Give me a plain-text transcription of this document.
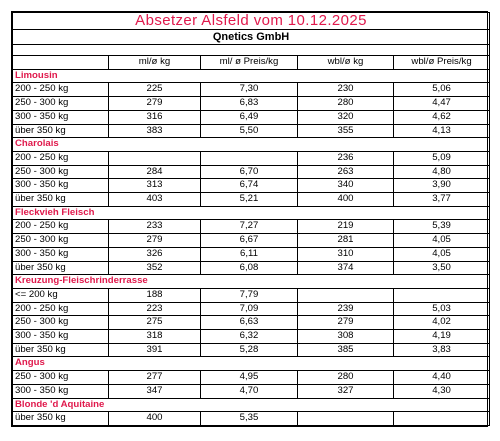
Absetzer Alsfeld vom 10.12.2025				
Qnetics GmbH				

	ml/ø kg	ml/ ø Preis/kg	wbl/ø kg	wbl/ø Preis/kg
Limousin				
200 - 250 kg	225	7,30	230	5,06
250 - 300 kg	279	6,83	280	4,47
300 - 350 kg	316	6,49	320	4,62
über 350 kg	383	5,50	355	4,13
Charolais				
200 - 250 kg			236	5,09
250 - 300 kg	284	6,70	263	4,80
300 - 350 kg	313	6,74	340	3,90
über 350 kg	403	5,21	400	3,77
Fleckvieh Fleisch				
200 - 250 kg	233	7,27	219	5,39
250 - 300 kg	279	6,67	281	4,05
300 - 350 kg	326	6,11	310	4,05
über 350 kg	352	6,08	374	3,50
Kreuzung-Fleischrinderrasse				
<= 200 kg	188	7,79		
200 - 250 kg	223	7,09	239	5,03
250 - 300 kg	275	6,63	279	4,02
300 - 350 kg	318	6,32	308	4,19
über 350 kg	391	5,28	385	3,83
Angus				
250 - 300 kg	277	4,95	280	4,40
300 - 350 kg	347	4,70	327	4,30
Blonde 'd Aquitaine				
über 350 kg	400	5,35		
